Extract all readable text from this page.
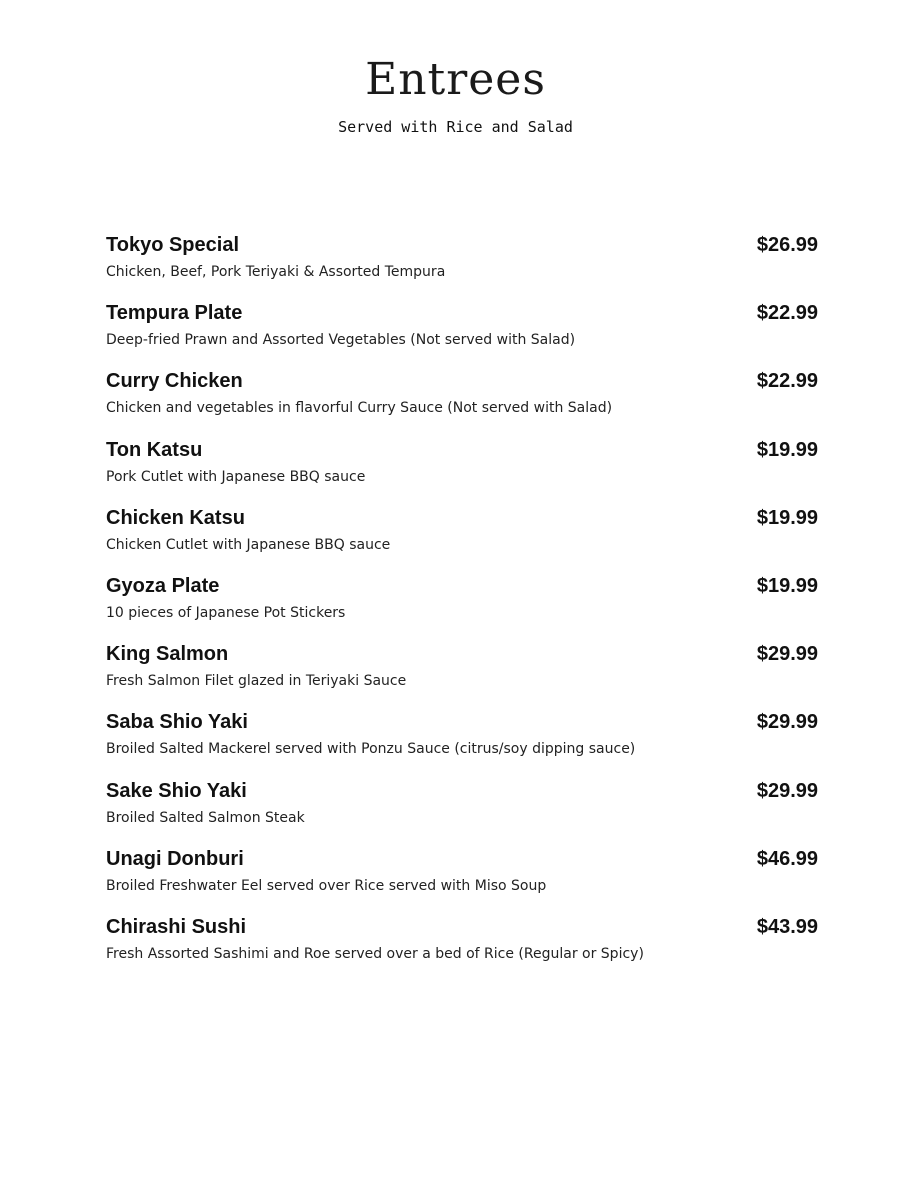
Entrees

Served with Rice and Salad

Tokyo Special	$26.99
Chicken, Beef, Pork Teriyaki & Assorted Tempura
Tempura Plate	$22.99
Deep-fried Prawn and Assorted Vegetables (Not served with Salad)
Curry Chicken	$22.99
Chicken and vegetables in flavorful Curry Sauce (Not served with Salad)
Ton Katsu	$19.99
Pork Cutlet with Japanese BBQ sauce
Chicken Katsu	$19.99
Chicken Cutlet with Japanese BBQ sauce
Gyoza Plate	$19.99
10 pieces of Japanese Pot Stickers
King Salmon	$29.99
Fresh Salmon Filet glazed in Teriyaki Sauce
Saba Shio Yaki	$29.99
Broiled Salted Mackerel served with Ponzu Sauce (citrus/soy dipping sauce)
Sake Shio Yaki	$29.99
Broiled Salted Salmon Steak
Unagi Donburi	$46.99
Broiled Freshwater Eel served over Rice served with Miso Soup
Chirashi Sushi	$43.99
Fresh Assorted Sashimi and Roe served over a bed of Rice (Regular or Spicy)
